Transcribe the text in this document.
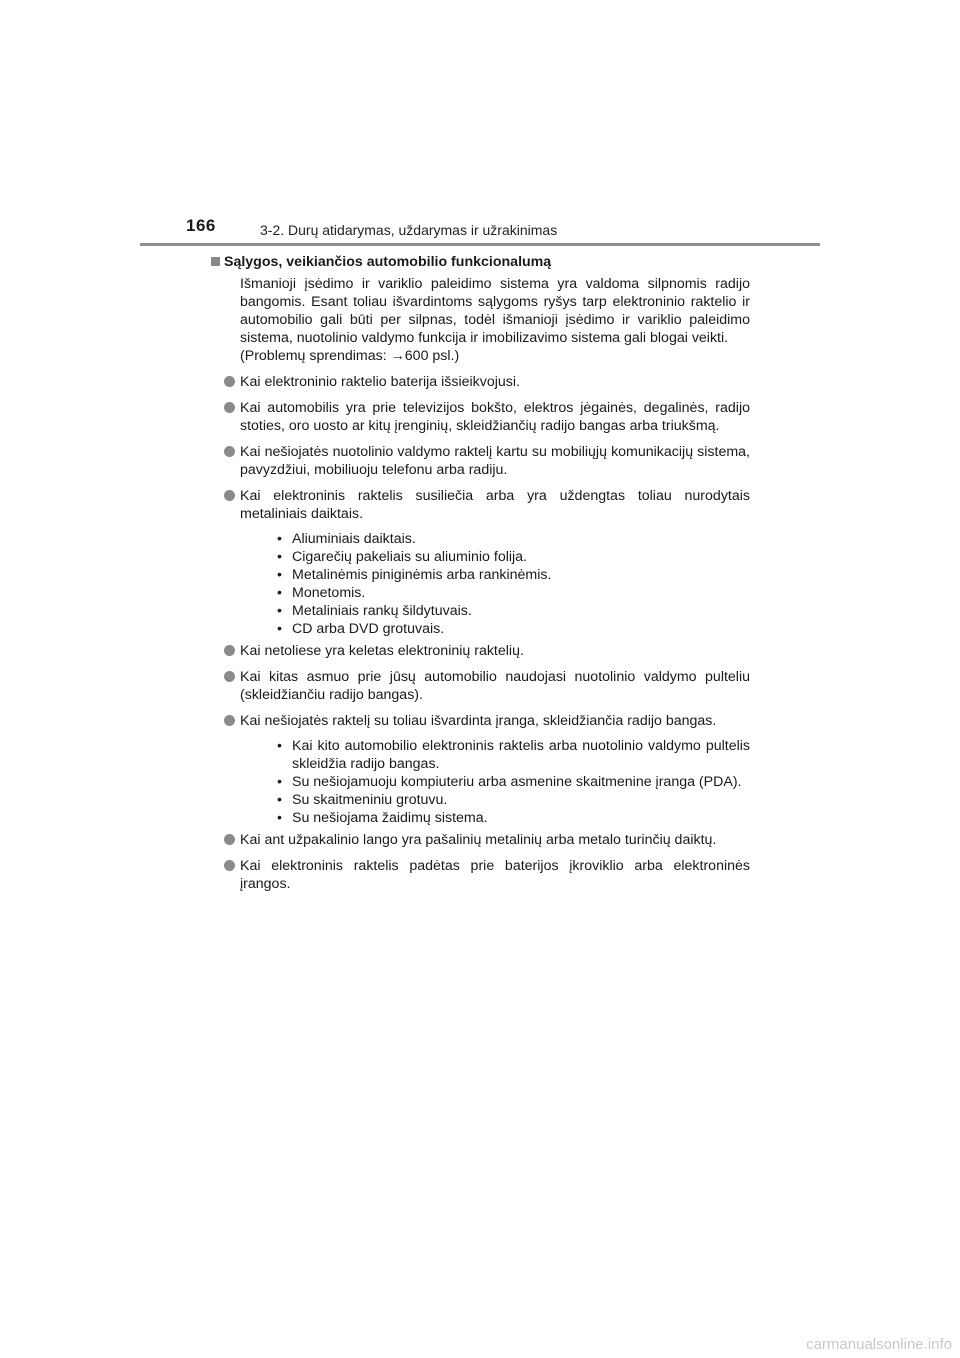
166	3-2. Durų atidarymas, uždarymas ir užrakinimas
Sąlygos, veikiančios automobilio funkcionalumą
Išmanioji įsėdimo ir variklio paleidimo sistema yra valdoma silpnomis radijo bangomis. Esant toliau išvardintoms sąlygoms ryšys tarp elektroninio raktelio ir automobilio gali būti per silpnas, todėl išmanioji įsėdimo ir variklio paleidimo sistema, nuotolinio valdymo funkcija ir imobilizavimo sistema gali blogai veikti.
(Problemų sprendimas: →600 psl.)
Kai elektroninio raktelio baterija išsieikvojusi.
Kai automobilis yra prie televizijos bokšto, elektros jėgainės, degalinės, radijo stoties, oro uosto ar kitų įrenginių, skleidžiančių radijo bangas arba triukšmą.
Kai nešiojatės nuotolinio valdymo raktelį kartu su mobiliųjų komunikacijų sistema, pavyzdžiui, mobiliuoju telefonu arba radiju.
Kai elektroninis raktelis susiliečia arba yra uždengtas toliau nurodytais metaliniais daiktais.
• Aliuminiais daiktais.
• Cigarečių pakeliais su aliuminio folija.
• Metalinėmis piniginėmis arba rankinėmis.
• Monetomis.
• Metaliniais rankų šildytuvais.
• CD arba DVD grotuvais.
Kai netoliese yra keletas elektroninių raktelių.
Kai kitas asmuo prie jūsų automobilio naudojasi nuotolinio valdymo pulteliu (skleidžiančiu radijo bangas).
Kai nešiojatės raktelį su toliau išvardinta įranga, skleidžiančia radijo bangas.
• Kai kito automobilio elektroninis raktelis arba nuotolinio valdymo pultelis skleidžia radijo bangas.
• Su nešiojamuoju kompiuteriu arba asmenine skaitmenine įranga (PDA).
• Su skaitmeniniu grotuvu.
• Su nešiojama žaidimų sistema.
Kai ant užpakalinio lango yra pašalinių metalinių arba metalo turinčių daiktų.
Kai elektroninis raktelis padėtas prie baterijos įkroviklio arba elektroninės įrangos.
carmanualsonline.info
